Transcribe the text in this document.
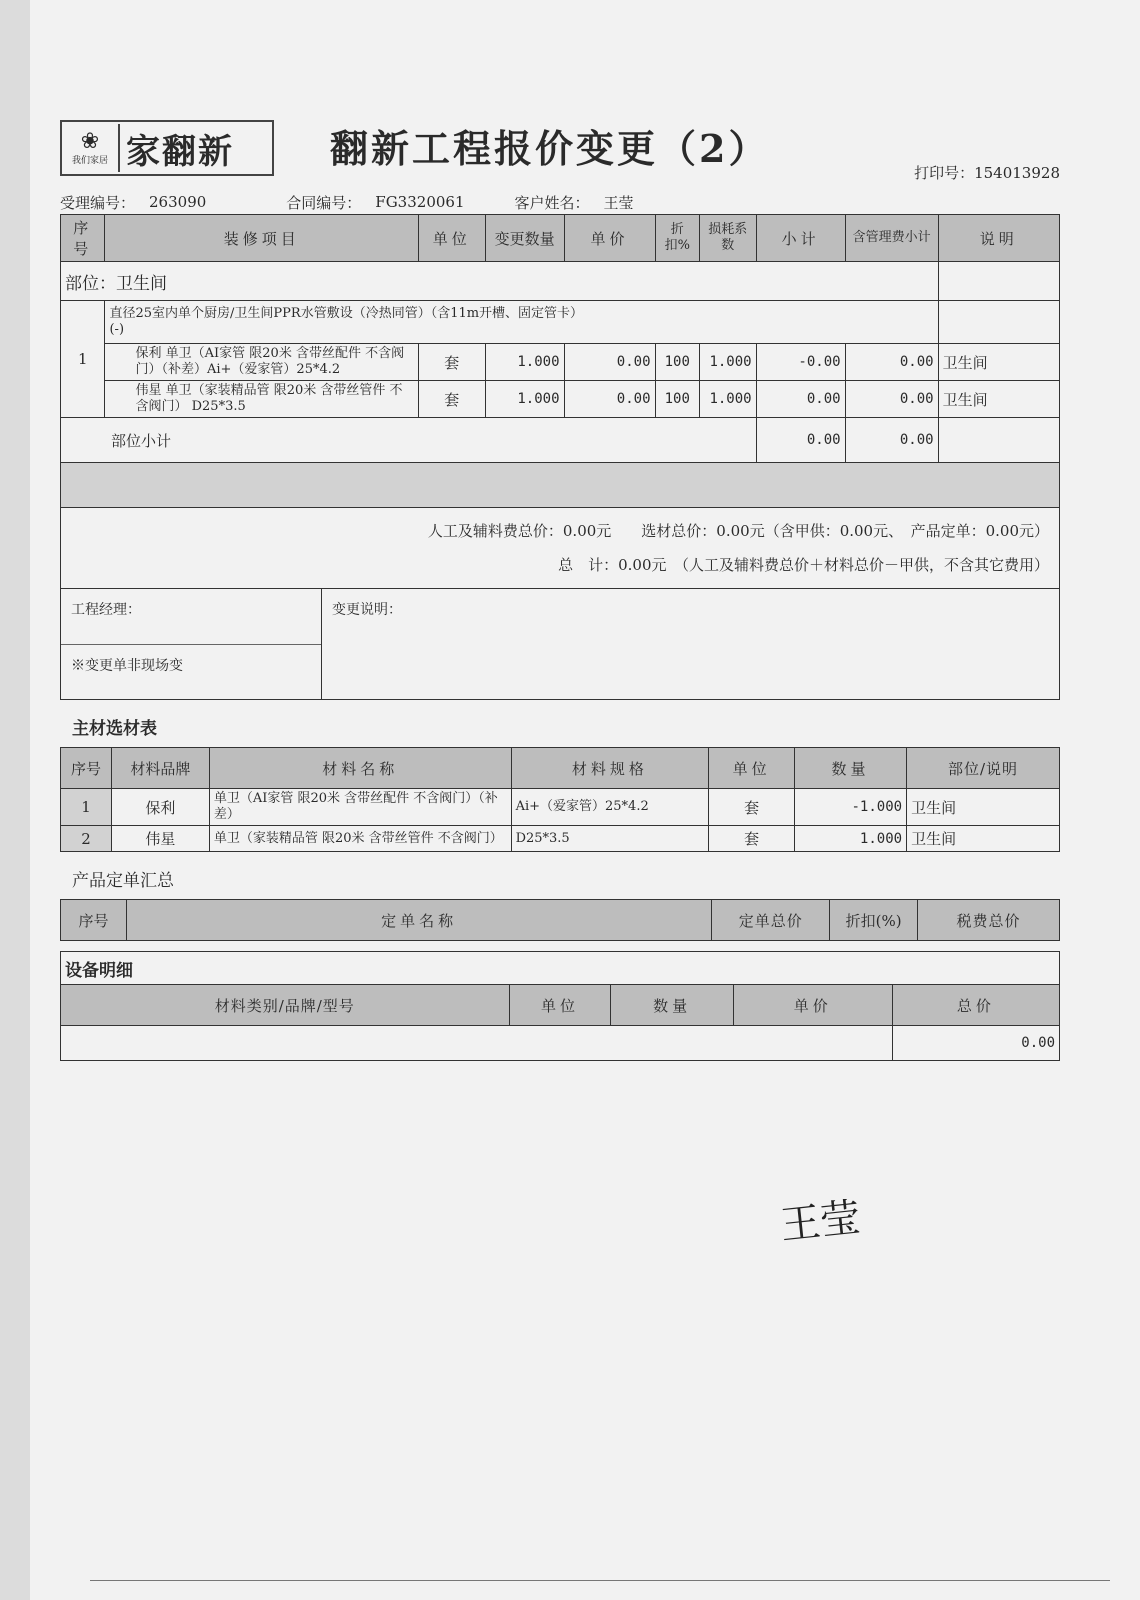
❀
我们家居 家翻新	翻新工程报价变更（2）
打印号：154013928
受理编号： 263090	合同编号： FG3320061	客户姓名： 王莹
序号	装修项目	单位	变更数量	单价	折扣%	损耗系数	小计	含管理费小计	说明
部位：卫生间									
1	直径25室内单个厨房/卫生间PPR水管敷设（冷热同管）（含11m开槽、固定管卡）
(-)								

	保利 单卫（AI家管 限20米 含带丝配件 不含阀门）（补差）Ai+（爱家管）25*4.2	套	1.000	0.00	100	1.000	-0.00	0.00	卫生间
	伟星 单卫（家装精品管 限20米 含带丝管件 不含阀门） D25*3.5	套	1.000	0.00	100	1.000	0.00	0.00	卫生间
部位小计							0.00	0.00	

人工及辅料费总价：0.00元　　选材总价：0.00元（含甲供：0.00元、　产品定单：0.00元）
总　计：0.00元　（人工及辅料费总价＋材料总价－甲供，不含其它费用）
工程经理：
※变更单非现场变
变更说明：
主材选材表
序号	材料品牌	材料名称	材料规格	单位	数量	部位/说明
1	保利	单卫（AI家管 限20米 含带丝配件 不含阀门）（补差）	Ai+（爱家管）25*4.2	套	-1.000	卫生间
2	伟星	单卫（家装精品管 限20米 含带丝管件 不含阀门）	D25*3.5	套	1.000	卫生间
产品定单汇总
序号	定单名称	定单总价	折扣(%)	税费总价
设备明细				
材料类别/品牌/型号	单位	数量	单价	总价
				0.00
王莹
